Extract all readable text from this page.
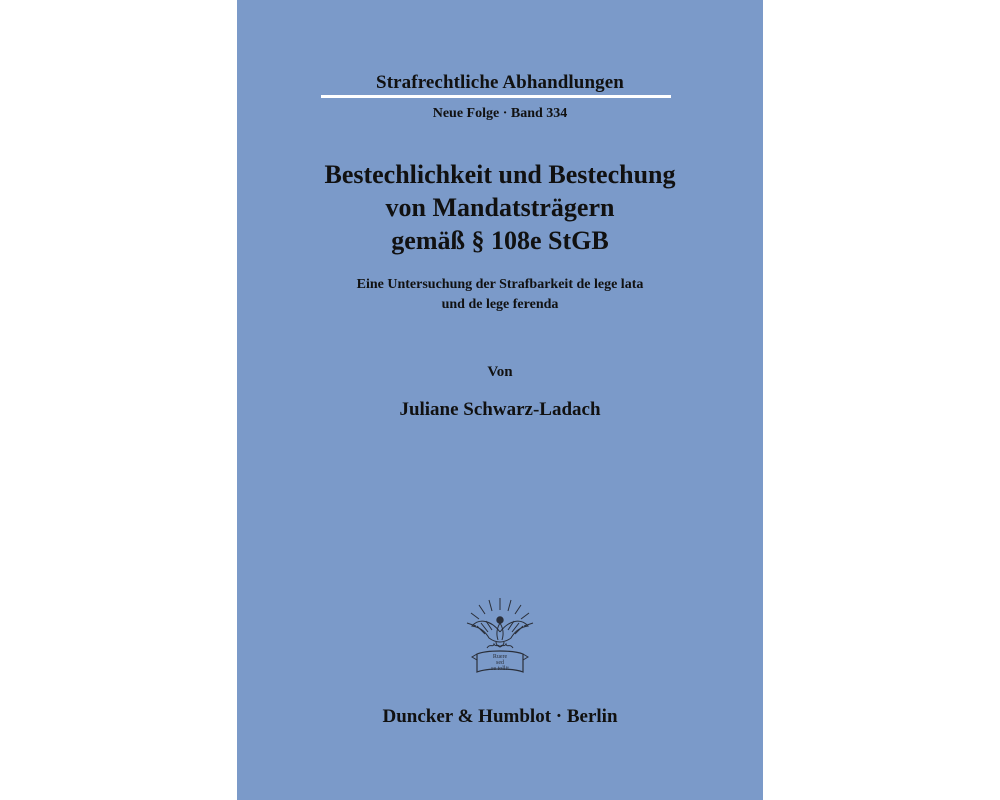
Strafrechtliche Abhandlungen
Neue Folge · Band 334
Bestechlichkeit und Bestechung
von Mandatsträgern
gemäß § 108e StGB
Eine Untersuchung der Strafbarkeit de lege lata
und de lege ferenda
Von
Juliane Schwarz-Ladach
Ruere
sed
se tollit
Duncker & Humblot · Berlin
